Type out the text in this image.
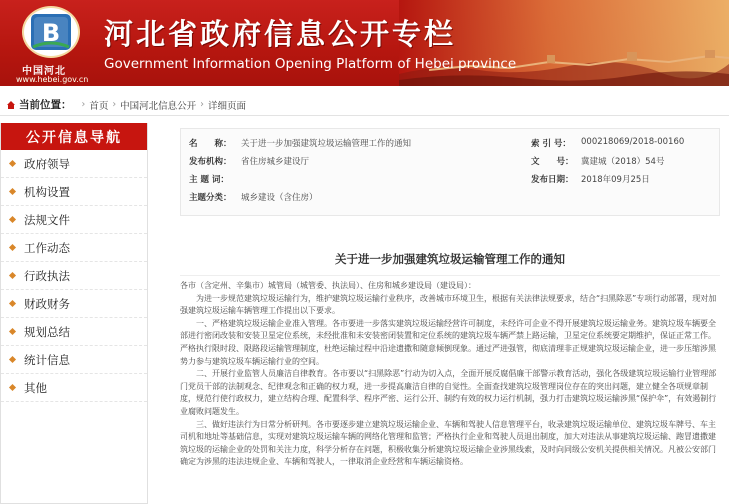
B
中国河北
www.hebei.gov.cn
河北省政府信息公开专栏
Government Information Opening Platform of Hebei province
当前位置： › 首页 › 中国河北信息公开 › 详细页面
公开信息导航
政府领导
机构设置
法规文件
工作动态
行政执法
财政财务
规划总结
统计信息
其他
名　　称： 关于进一步加强建筑垃圾运输管理工作的通知	索 引 号： 000218069/2018-00160
发布机构： 省住房城乡建设厅	文　　号： 冀建城（2018）54号
主 题 词：	发布日期： 2018年09月25日
主题分类： 城乡建设（含住房）
关于进一步加强建筑垃圾运输管理工作的通知

各市（含定州、辛集市）城管局（城管委、执法局）、住房和城乡建设局（建设局）：

为进一步规范建筑垃圾运输行为，维护建筑垃圾运输行业秩序，改善城市环境卫生，根据有关法律法规要求，结合“扫黑除恶”专项行动部署，现对加强建筑垃圾运输车辆管理工作提出以下要求。

一、严格建筑垃圾运输企业准入管理。各市要进一步落实建筑垃圾运输经营许可制度，未经许可企业不得开展建筑垃圾运输业务。建筑垃圾车辆要全部进行密闭改装和安装卫星定位系统，未经批准和未安装密闭装置和定位系统的建筑垃圾车辆严禁上路运输，卫星定位系统要定期维护，保证正常工作。严格执行限时段、限路段运输管理制度，杜绝运输过程中沿途遗撒和随意倾倒现象。通过严进强管，彻底清理非正规建筑垃圾运输企业，进一步压缩涉黑势力参与建筑垃圾车辆运输行业的空间。

二、开展行业监管人员廉洁自律教育。各市要以“扫黑除恶”行动为切入点，全面开展反腐倡廉干部警示教育活动，强化各级建筑垃圾运输行业管理部门党员干部的法制观念、纪律观念和正确的权力观，进一步提高廉洁自律的自觉性。全面查找建筑垃圾管理岗位存在的突出问题，建立健全各项规章制度，规范行使行政权力，建立结构合理、配置科学、程序严密、运行公开、制约有效的权力运行机制，强力打击建筑垃圾运输涉黑“保护伞”，有效遏制行业腐败问题发生。

三、做好违法行为日常分析研判。各市要逐步建立建筑垃圾运输企业、车辆和驾驶人信息管理平台，收录建筑垃圾运输单位、建筑垃圾车牌号、车主司机和地址等基础信息，实现对建筑垃圾运输车辆的网络化管理和监管；严格执行企业和驾驶人员退出制度，加大对违法从事建筑垃圾运输、跑冒遗撒建筑垃圾的运输企业的处罚和关注力度，科学分析存在问题，积极收集分析建筑垃圾运输企业涉黑线索，及时向同级公安机关提供相关情况。凡被公安部门确定为涉黑的违法违规企业、车辆和驾驶人，一律取消企业经营和车辆运输资格。
